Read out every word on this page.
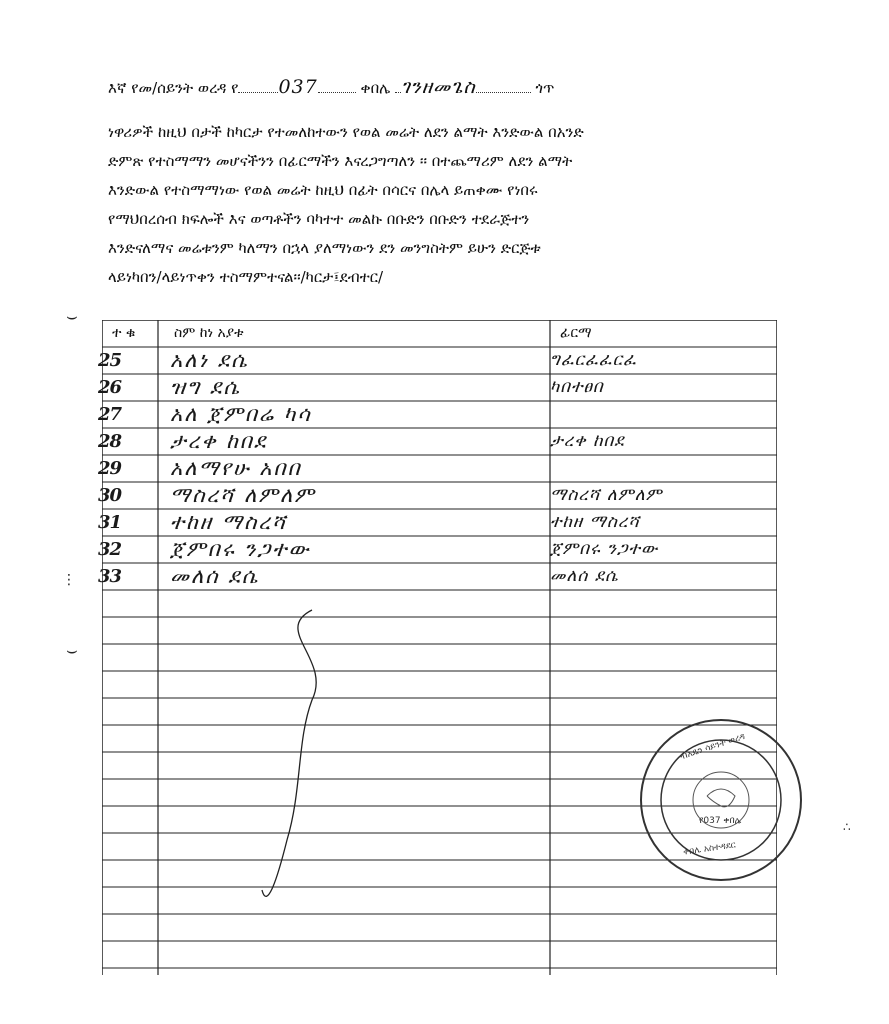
እኛ የመ/ሰይንት ወረዳ የ 037	ቀበሌ ገንዘመጌስ	ጎጥ
ነዋሪዎች ከዚህ በታች ከካርታ የተመለከተውን የወል መሬት ለደን ልማት እንድውል በአንድ
ድምጽ የተስማማን መሆናችንን በፊርማችን እናረጋግጣለን ፡፡ በተጨማሪም ለደን ልማት
እንድውል የተስማማነው የወል መሬት ከዚህ በፊት በሳርና በሌላ ይጠቀሙ የነበሩ
የማህበረሰብ ክፍሎች እና ወጣቶችን ባካተተ መልኩ በቡድን በቡድን ተደራጅተን
እንድናለማና መሬቱንም ካለማን በኋላ ያለማነውን ደን መንግስትም ይሁን ድርጅቱ
ላይነካበን/ላይነጥቀን ተስማምተናል፡፡/ካርታ፤ደብተር/
⌣
⌣
⋮
ተ ቁ	ስም ከነ አያቱ	ፊርማ
25	አለነ ደሴ	ግፈርፈፈርፈ
26	ዝግ ደሴ	ካበተፀበ
27	አለ ጀምበሬ ካሳ
28	ታረቀ ከበደ	ታረቀ ከበደ
29	አለማየሁ አበበ
30	ማስረሻ ለምለም	ማስረሻ ለምለም
31	ተከዘ ማስረሻ	ተከዘ ማስረሻ
32	ጀምበሩ ንጋተው	ጀምበሩ ንጋተው
33	መለሰ ደሴ	መለሰ ደሴ
ብአዴን ሳይንት ወረዳ
ቀበሌ አስተዳደር
የ037 ቀበሌ	∴
